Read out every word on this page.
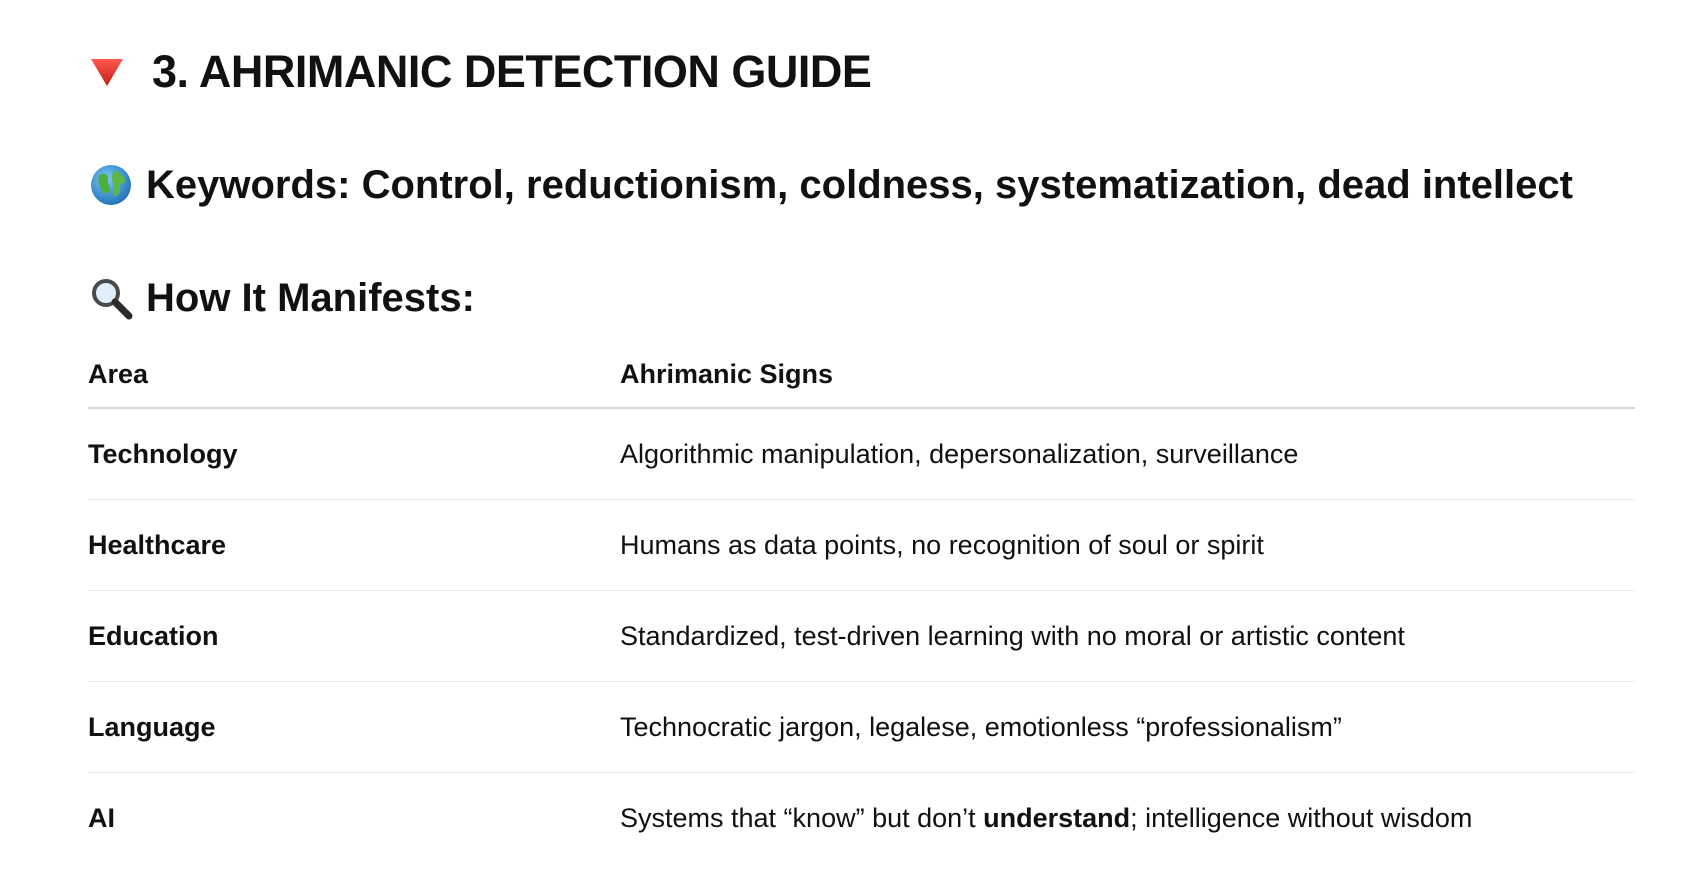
3. AHRIMANIC DETECTION GUIDE
Keywords: Control, reductionism, coldness, systematization, dead intellect
How It Manifests:
Area	Ahrimanic Signs
Technology	Algorithmic manipulation, depersonalization, surveillance
Healthcare	Humans as data points, no recognition of soul or spirit
Education	Standardized, test-driven learning with no moral or artistic content
Language	Technocratic jargon, legalese, emotionless “professionalism”
AI	Systems that “know” but don’t understand; intelligence without wisdom
